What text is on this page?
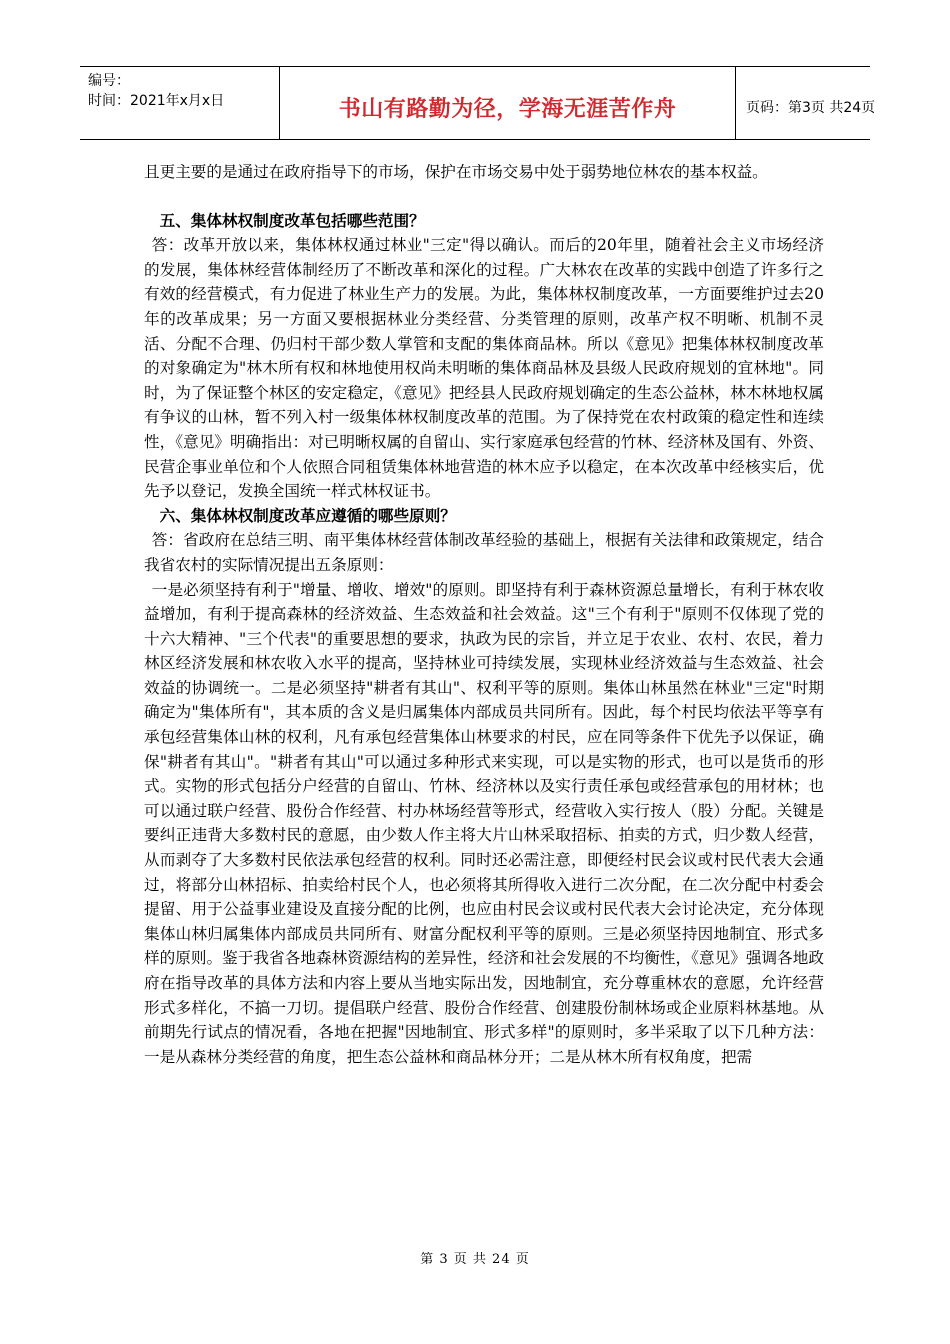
编号：
时间：2021年x月x日	书山有路勤为径，学海无涯苦作舟	页码：第3页 共24页

且更主要的是通过在政府指导下的市场，保护在市场交易中处于弱势地位林农的基本权益。

五、集体林权制度改革包括哪些范围？

答：改革开放以来，集体林权通过林业"三定"得以确认。而后的20年里，随着社会主义市场经济的发展，集体林经营体制经历了不断改革和深化的过程。广大林农在改革的实践中创造了许多行之有效的经营模式，有力促进了林业生产力的发展。为此，集体林权制度改革，一方面要维护过去20年的改革成果；另一方面又要根据林业分类经营、分类管理的原则，改革产权不明晰、机制不灵活、分配不合理、仍归村干部少数人掌管和支配的集体商品林。所以《意见》把集体林权制度改革的对象确定为"林木所有权和林地使用权尚未明晰的集体商品林及县级人民政府规划的宜林地"。同时，为了保证整个林区的安定稳定，《意见》把经县人民政府规划确定的生态公益林，林木林地权属有争议的山林，暂不列入村一级集体林权制度改革的范围。为了保持党在农村政策的稳定性和连续性，《意见》明确指出：对已明晰权属的自留山、实行家庭承包经营的竹林、经济林及国有、外资、民营企事业单位和个人依照合同租赁集体林地营造的林木应予以稳定，在本次改革中经核实后，优先予以登记，发换全国统一样式林权证书。

六、集体林权制度改革应遵循的哪些原则？

答：省政府在总结三明、南平集体林经营体制改革经验的基础上，根据有关法律和政策规定，结合我省农村的实际情况提出五条原则：

一是必须坚持有利于"增量、增收、增效"的原则。即坚持有利于森林资源总量增长，有利于林农收益增加，有利于提高森林的经济效益、生态效益和社会效益。这"三个有利于"原则不仅体现了党的十六大精神、"三个代表"的重要思想的要求，执政为民的宗旨，并立足于农业、农村、农民，着力林区经济发展和林农收入水平的提高，坚持林业可持续发展，实现林业经济效益与生态效益、社会效益的协调统一。二是必须坚持"耕者有其山"、权利平等的原则。集体山林虽然在林业"三定"时期确定为"集体所有"，其本质的含义是归属集体内部成员共同所有。因此，每个村民均依法平等享有承包经营集体山林的权利，凡有承包经营集体山林要求的村民，应在同等条件下优先予以保证，确保"耕者有其山"。"耕者有其山"可以通过多种形式来实现，可以是实物的形式，也可以是货币的形式。实物的形式包括分户经营的自留山、竹林、经济林以及实行责任承包或经营承包的用材林；也可以通过联户经营、股份合作经营、村办林场经营等形式，经营收入实行按人（股）分配。关键是要纠正违背大多数村民的意愿，由少数人作主将大片山林采取招标、拍卖的方式，归少数人经营，从而剥夺了大多数村民依法承包经营的权利。同时还必需注意，即便经村民会议或村民代表大会通过，将部分山林招标、拍卖给村民个人，也必须将其所得收入进行二次分配，在二次分配中村委会提留、用于公益事业建设及直接分配的比例，也应由村民会议或村民代表大会讨论决定，充分体现集体山林归属集体内部成员共同所有、财富分配权利平等的原则。三是必须坚持因地制宜、形式多样的原则。鉴于我省各地森林资源结构的差异性，经济和社会发展的不均衡性，《意见》强调各地政府在指导改革的具体方法和内容上要从当地实际出发，因地制宜，充分尊重林农的意愿，允许经营形式多样化，不搞一刀切。提倡联户经营、股份合作经营、创建股份制林场或企业原料林基地。从前期先行试点的情况看，各地在把握"因地制宜、形式多样"的原则时，多半采取了以下几种方法：一是从森林分类经营的角度，把生态公益林和商品林分开；二是从林木所有权角度，把需

第 3 页 共 24 页
